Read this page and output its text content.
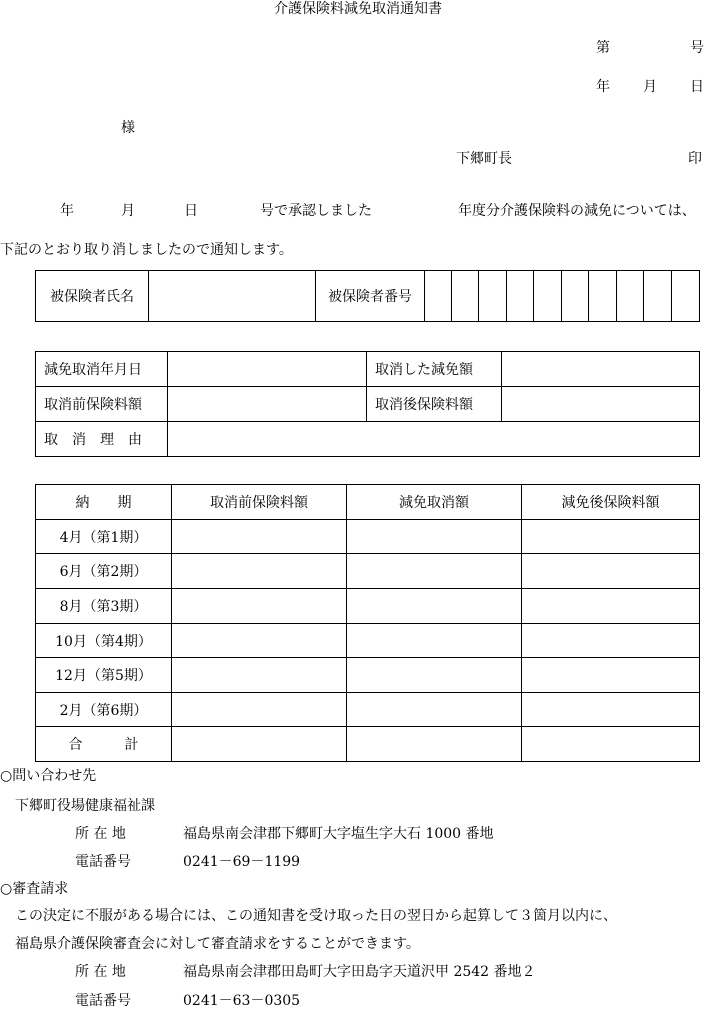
介護保険料減免取消通知書
第	号
年 月 日
様
下郷町長	印
年	月	日	号で承認しました	年度分介護保険料の減免については、
下記のとおり取り消しましたので通知します。
被保険者氏名		被保険者番号										
減免取消年月日		取消した減免額	
取消前保険料額		取消後保険料額	
取　消　理　由			
納　　期	取消前保険料額	減免取消額	減免後保険料額
4月（第1期）			
6月（第2期）			
8月（第3期）			
10月（第4期）			
12月（第5期）			
2月（第6期）			
合　　　計			
○問い合わせ先
下郷町役場健康福祉課
所 在 地	福島県南会津郡下郷町大字塩生字大石 1000 番地
電話番号	0241－69－1199
○審査請求
この決定に不服がある場合には、この通知書を受け取った日の翌日から起算して３箇月以内に、
福島県介護保険審査会に対して審査請求をすることができます。
所 在 地	福島県南会津郡田島町大字田島字天道沢甲 2542 番地２
電話番号	0241－63－0305
